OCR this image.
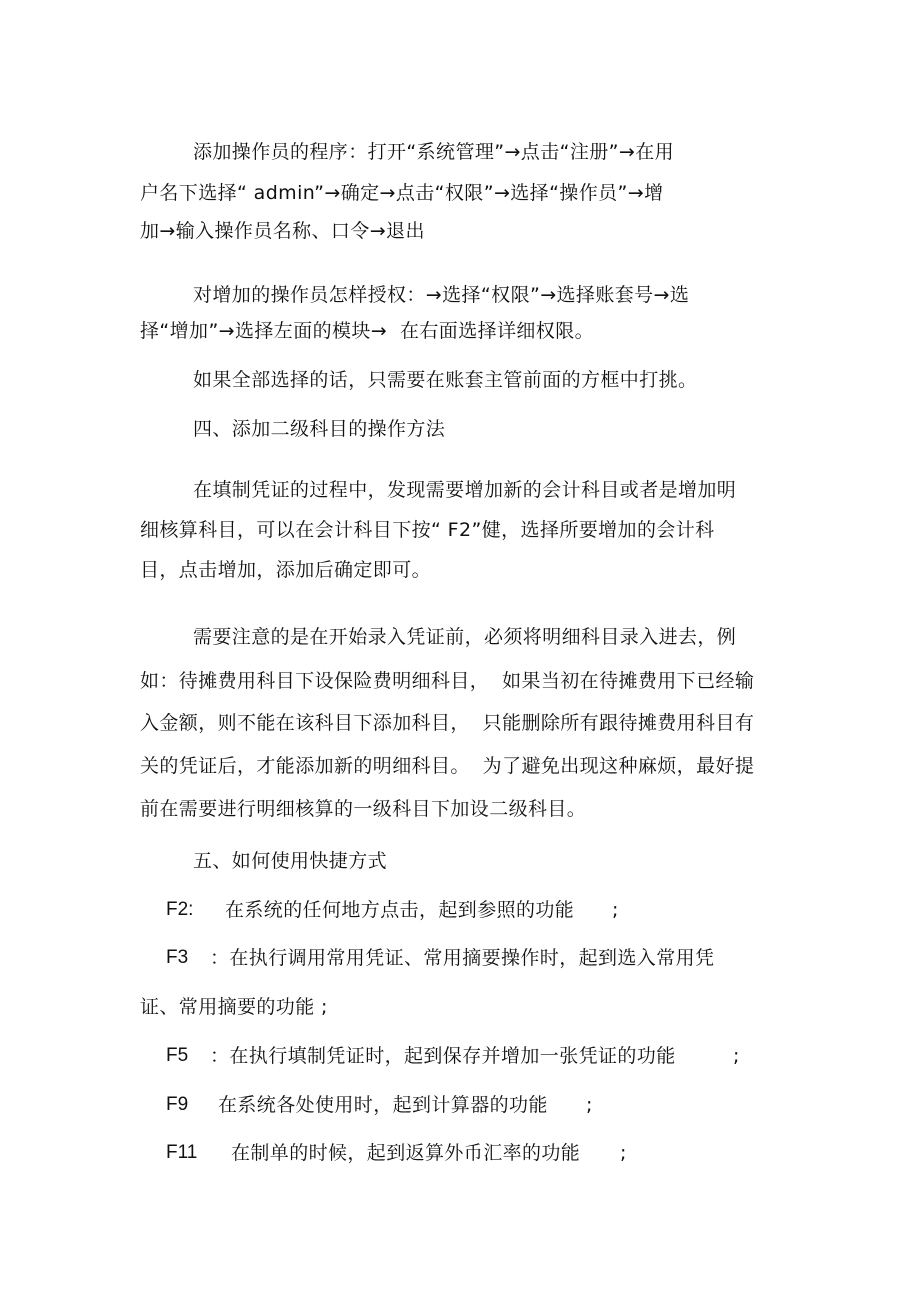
添加操作员的程序：打开“系统管理”→点击“注册”→在用
户名下选择“ admin”→确定→点击“权限”→选择“操作员”→增
加→输入操作员名称、口令→退出
对增加的操作员怎样授权：→选择“权限”→选择账套号→选
择“增加”→选择左面的模块→  在右面选择详细权限。
如果全部选择的话，只需要在账套主管前面的方框中打挑。
四、添加二级科目的操作方法
在填制凭证的过程中，发现需要增加新的会计科目或者是增加明
细核算科目，可以在会计科目下按“ F2”健，选择所要增加的会计科
目，点击增加，添加后确定即可。
需要注意的是在开始录入凭证前，必须将明细科目录入进去，例
如：待摊费用科目下设保险费明细科目，  如果当初在待摊费用下已经输
入金额，则不能在该科目下添加科目，  只能删除所有跟待摊费用科目有
关的凭证后，才能添加新的明细科目。  为了避免出现这种麻烦，最好提
前在需要进行明细核算的一级科目下加设二级科目。
五、如何使用快捷方式
F2: 在系统的任何地方点击，起到参照的功能 ;
F3 ：在执行调用常用凭证、常用摘要操作时，起到选入常用凭
证、常用摘要的功能 ;
F5 ：在执行填制凭证时，起到保存并增加一张凭证的功能	;
F9 在系统各处使用时，起到计算器的功能 ;
F11 在制单的时候，起到返算外币汇率的功能 ;
